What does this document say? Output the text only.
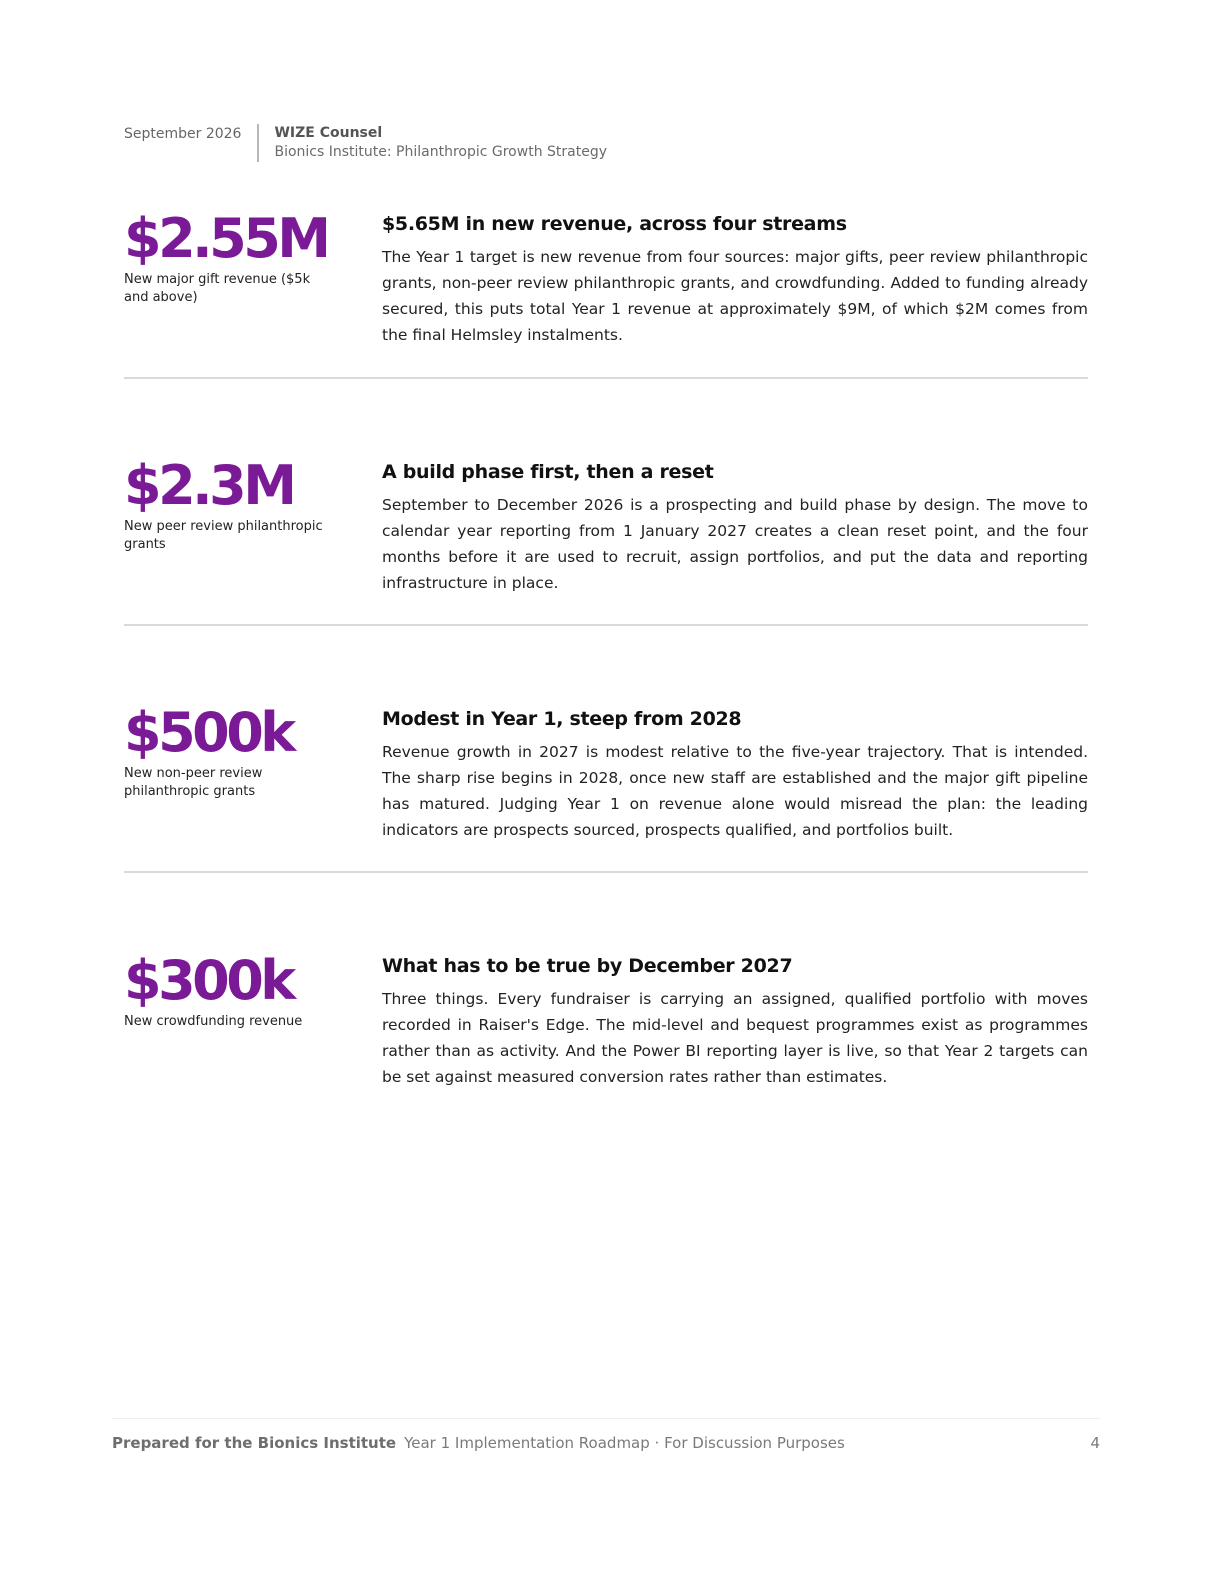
September 2026	WIZE Counsel
Bionics Institute: Philanthropic Growth Strategy
$2.55M
New major gift revenue ($5k and above)
$5.65M in new revenue, across four streams

The Year 1 target is new revenue from four sources: major gifts, peer review philanthropic grants, non-peer review philanthropic grants, and crowdfunding. Added to funding already secured, this puts total Year 1 revenue at approximately $9M, of which $2M comes from the final Helmsley instalments.

$2.3M
New peer review philanthropic grants
A build phase first, then a reset

September to December 2026 is a prospecting and build phase by design. The move to calendar year reporting from 1 January 2027 creates a clean reset point, and the four months before it are used to recruit, assign portfolios, and put the data and reporting infrastructure in place.

$500k
New non-peer review philanthropic grants
Modest in Year 1, steep from 2028

Revenue growth in 2027 is modest relative to the five-year trajectory. That is intended. The sharp rise begins in 2028, once new staff are established and the major gift pipeline has matured. Judging Year 1 on revenue alone would misread the plan: the leading indicators are prospects sourced, prospects qualified, and portfolios built.

$300k
New crowdfunding revenue
What has to be true by December 2027

Three things. Every fundraiser is carrying an assigned, qualified portfolio with moves recorded in Raiser's Edge. The mid-level and bequest programmes exist as programmes rather than as activity. And the Power BI reporting layer is live, so that Year 2 targets can be set against measured conversion rates rather than estimates.

Prepared for the Bionics Institute Year 1 Implementation Roadmap · For Discussion Purposes	4
